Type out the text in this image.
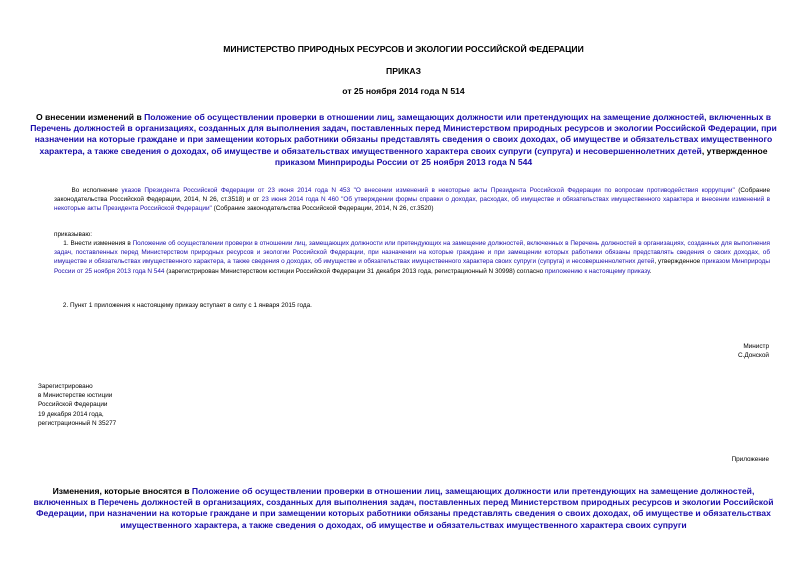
МИНИСТЕРСТВО ПРИРОДНЫХ РЕСУРСОВ И ЭКОЛОГИИ РОССИЙСКОЙ ФЕДЕРАЦИИ
ПРИКАЗ
от 25 ноября 2014 года N 514
О внесении изменений в Положение об осуществлении проверки в отношении лиц, замещающих должности или претендующих на замещение должностей, включенных в Перечень должностей в организациях, созданных для выполнения задач, поставленных перед Министерством природных ресурсов и экологии Российской Федерации, при назначении на которые граждане и при замещении которых работники обязаны представлять сведения о своих доходах, об имуществе и обязательствах имущественного характера, а также сведения о доходах, об имуществе и обязательствах имущественного характера своих супруги (супруга) и несовершеннолетних детей, утвержденное приказом Минприроды России от 25 ноября 2013 года N 544
Во исполнение указов Президента Российской Федерации от 23 июня 2014 года N 453 "О внесении изменений в некоторые акты Президента Российской Федерации по вопросам противодействия коррупции" (Собрание законодательства Российской Федерации, 2014, N 26, ст.3518) и от 23 июня 2014 года N 460 "Об утверждении формы справки о доходах, расходах, об имуществе и обязательствах имущественного характера и внесении изменений в некоторые акты Президента Российской Федерации" (Собрание законодательства Российской Федерации, 2014, N 26, ст.3520)
приказываю:
1. Внести изменения в Положение об осуществлении проверки в отношении лиц, замещающих должности или претендующих на замещение должностей, включенных в Перечень должностей в организациях, созданных для выполнения задач, поставленных перед Министерством природных ресурсов и экологии Российской Федерации, при назначении на которые граждане и при замещении которых работники обязаны представлять сведения о своих доходах, об имуществе и обязательствах имущественного характера, а также сведения о доходах, об имуществе и обязательствах имущественного характера своих супруги (супруга) и несовершеннолетних детей, утвержденное приказом Минприроды России от 25 ноября 2013 года N 544 (зарегистрирован Министерством юстиции Российской Федерации 31 декабря 2013 года, регистрационный N 30998) согласно приложению к настоящему приказу.
2. Пункт 1 приложения к настоящему приказу вступает в силу с 1 января 2015 года.
Министр
С.Донской
Зарегистрировано
в Министерстве юстиции
Российской Федерации
19 декабря 2014 года,
регистрационный N 35277
Приложение
Изменения, которые вносятся в Положение об осуществлении проверки в отношении лиц, замещающих должности или претендующих на замещение должностей, включенных в Перечень должностей в организациях, созданных для выполнения задач, поставленных перед Министерством природных ресурсов и экологии Российской Федерации, при назначении на которые граждане и при замещении которых работники обязаны представлять сведения о своих доходах, об имуществе и обязательствах имущественного характера, а также сведения о доходах, об имуществе и обязательствах имущественного характера своих супруги
